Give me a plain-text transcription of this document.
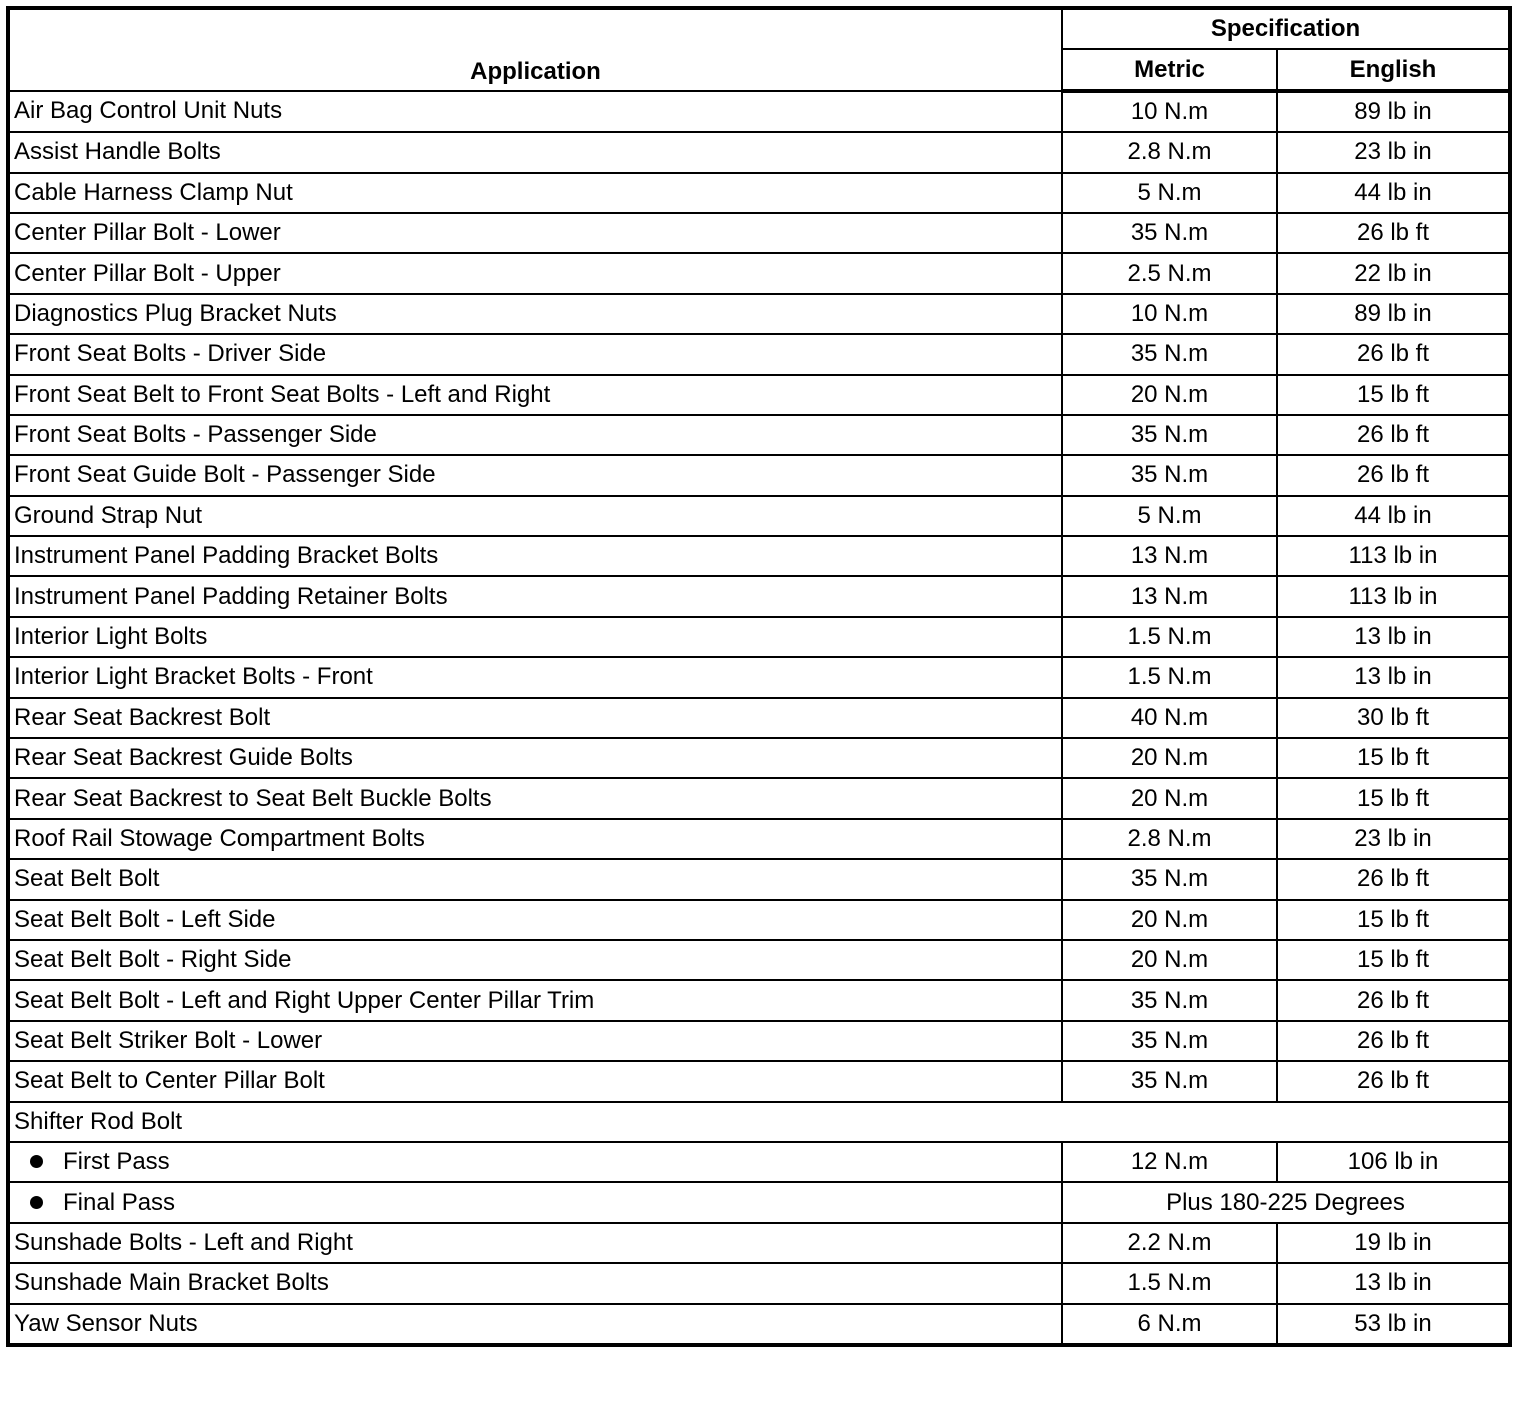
Application	Specification	
	Metric	English
Air Bag Control Unit Nuts	10 N.m	89 lb in
Assist Handle Bolts	2.8 N.m	23 lb in
Cable Harness Clamp Nut	5 N.m	44 lb in
Center Pillar Bolt - Lower	35 N.m	26 lb ft
Center Pillar Bolt - Upper	2.5 N.m	22 lb in
Diagnostics Plug Bracket Nuts	10 N.m	89 lb in
Front Seat Bolts - Driver Side	35 N.m	26 lb ft
Front Seat Belt to Front Seat Bolts - Left and Right	20 N.m	15 lb ft
Front Seat Bolts - Passenger Side	35 N.m	26 lb ft
Front Seat Guide Bolt - Passenger Side	35 N.m	26 lb ft
Ground Strap Nut	5 N.m	44 lb in
Instrument Panel Padding Bracket Bolts	13 N.m	113 lb in
Instrument Panel Padding Retainer Bolts	13 N.m	113 lb in
Interior Light Bolts	1.5 N.m	13 lb in
Interior Light Bracket Bolts - Front	1.5 N.m	13 lb in
Rear Seat Backrest Bolt	40 N.m	30 lb ft
Rear Seat Backrest Guide Bolts	20 N.m	15 lb ft
Rear Seat Backrest to Seat Belt Buckle Bolts	20 N.m	15 lb ft
Roof Rail Stowage Compartment Bolts	2.8 N.m	23 lb in
Seat Belt Bolt	35 N.m	26 lb ft
Seat Belt Bolt - Left Side	20 N.m	15 lb ft
Seat Belt Bolt - Right Side	20 N.m	15 lb ft
Seat Belt Bolt - Left and Right Upper Center Pillar Trim	35 N.m	26 lb ft
Seat Belt Striker Bolt - Lower	35 N.m	26 lb ft
Seat Belt to Center Pillar Bolt	35 N.m	26 lb ft
Shifter Rod Bolt		
First Pass	12 N.m	106 lb in
Final Pass	Plus 180-225 Degrees	
Sunshade Bolts - Left and Right	2.2 N.m	19 lb in
Sunshade Main Bracket Bolts	1.5 N.m	13 lb in
Yaw Sensor Nuts	6 N.m	53 lb in
